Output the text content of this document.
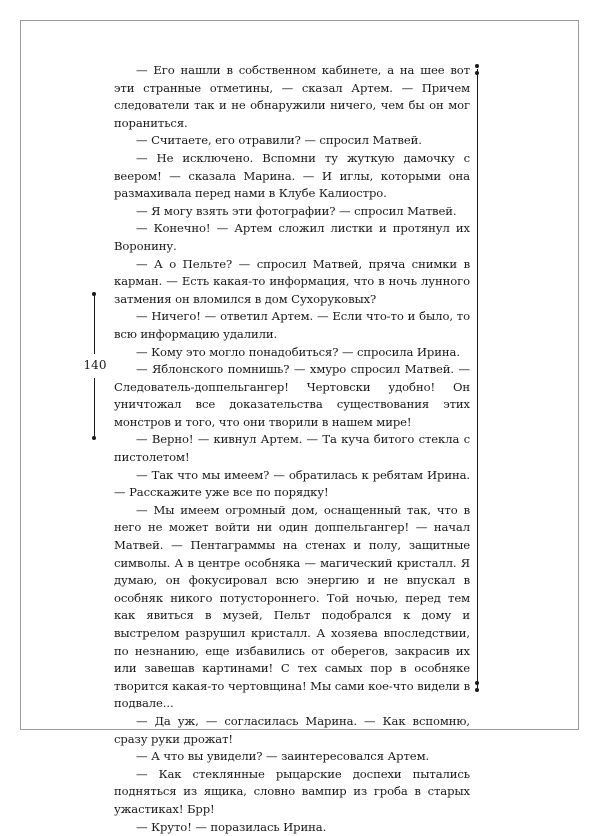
140

— Его нашли в собственном кабинете, а на шее вот эти странные отметины, — сказал Артем. — Причем следователи так и не обнаружили ничего, чем бы он мог пораниться.

— Считаете, его отравили? — спросил Матвей.

— Не исключено. Вспомни ту жуткую дамочку с веером! — сказала Марина. — И иглы, которыми она размахивала перед нами в Клубе Калиостро.

— Я могу взять эти фотографии? — спросил Матвей.

— Конечно! — Артем сложил листки и протянул их Воронину.

— А о Пельте? — спросил Матвей, пряча снимки в карман. — Есть какая-то информация, что в ночь лунного затмения он вломился в дом Сухоруковых?

— Ничего! — ответил Артем. — Если что-то и было, то всю информацию удалили.

— Кому это могло понадобиться? — спросила Ирина.

— Яблонского помнишь? — хмуро спросил Матвей. — Следователь-доппельгангер! Чертовски удобно! Он уничтожал все доказательства существования этих монстров и того, что они творили в нашем мире!

— Верно! — кивнул Артем. — Та куча битого стекла с пистолетом!

— Так что мы имеем? — обратилась к ребятам Ирина. — Расскажите уже все по порядку!

— Мы имеем огромный дом, оснащенный так, что в него не может войти ни один доппельгангер! — начал Матвей. — Пентаграммы на стенах и полу, защитные символы. А в центре особняка — магический кристалл. Я думаю, он фокусировал всю энергию и не впускал в особняк никого потустороннего. Той ночью, перед тем как явиться в музей, Пельт подобрался к дому и выстрелом разрушил кристалл. А хозяева впоследствии, по незнанию, еще избавились от оберегов, закрасив их или завешав картинами! С тех самых пор в особняке творится какая-то чертовщина! Мы сами кое-что видели в подвале...

— Да уж, — согласилась Марина. — Как вспомню, сразу руки дрожат!

— А что вы увидели? — заинтересовался Артем.

— Как стеклянные рыцарские доспехи пытались подняться из ящика, словно вампир из гроба в старых ужастиках! Брр!

— Круто! — поразилась Ирина.
